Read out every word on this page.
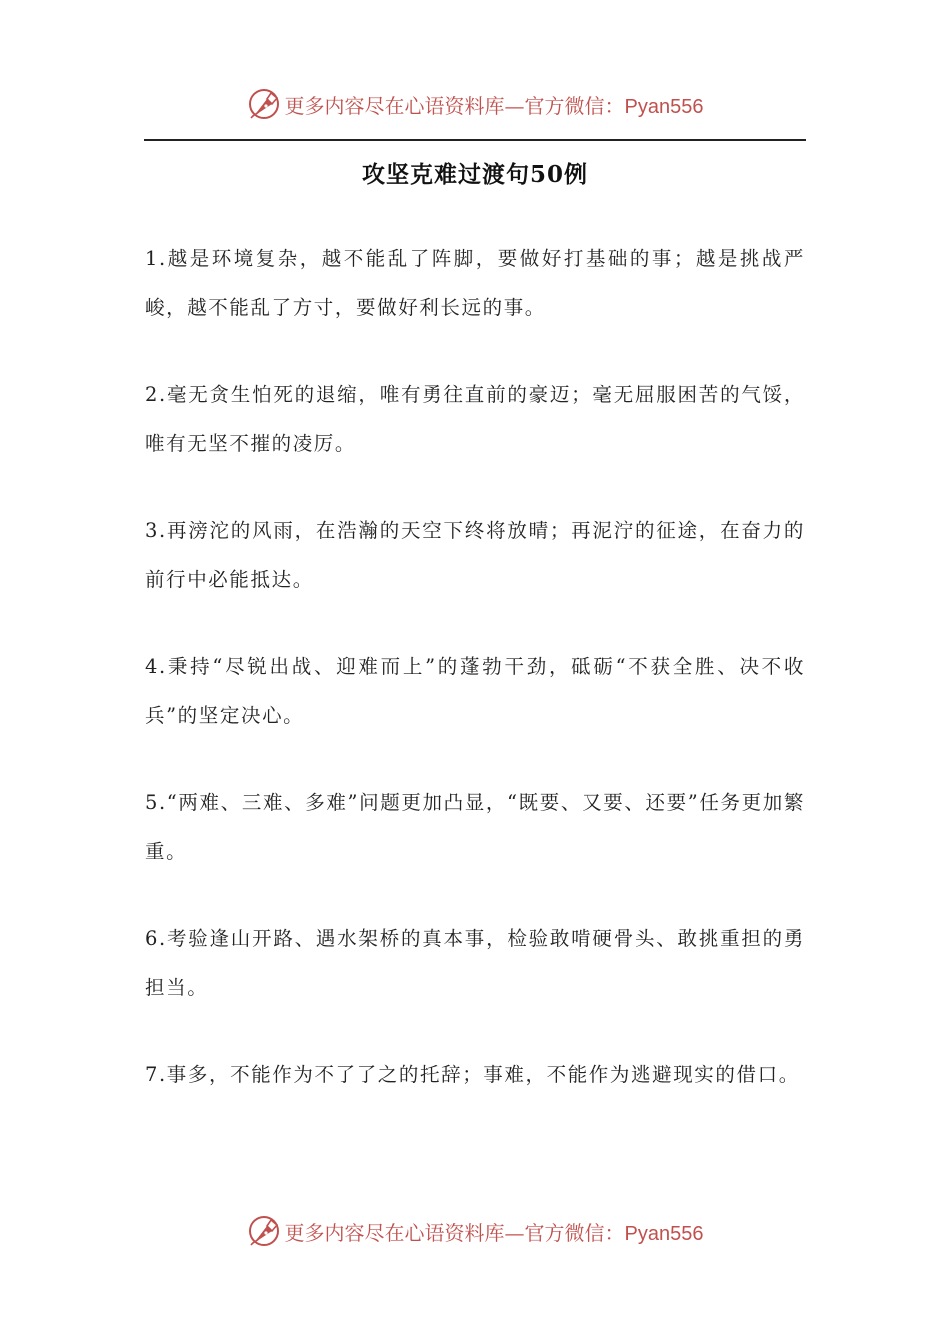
更多内容尽在心语资料库—官方微信：Pyan556
攻坚克难过渡句50例

1.越是环境复杂，越不能乱了阵脚，要做好打基础的事；越是挑战严峻，越不能乱了方寸，要做好利长远的事。

2.毫无贪生怕死的退缩，唯有勇往直前的豪迈；毫无屈服困苦的气馁，唯有无坚不摧的凌厉。

3.再滂沱的风雨，在浩瀚的天空下终将放晴；再泥泞的征途，在奋力的前行中必能抵达。

4.秉持“尽锐出战、迎难而上”的蓬勃干劲，砥砺“不获全胜、决不收兵”的坚定决心。

5.“两难、三难、多难”问题更加凸显，“既要、又要、还要”任务更加繁重。

6.考验逢山开路、遇水架桥的真本事，检验敢啃硬骨头、敢挑重担的勇担当。

7.事多，不能作为不了了之的托辞；事难，不能作为逃避现实的借口。

更多内容尽在心语资料库—官方微信：Pyan556
